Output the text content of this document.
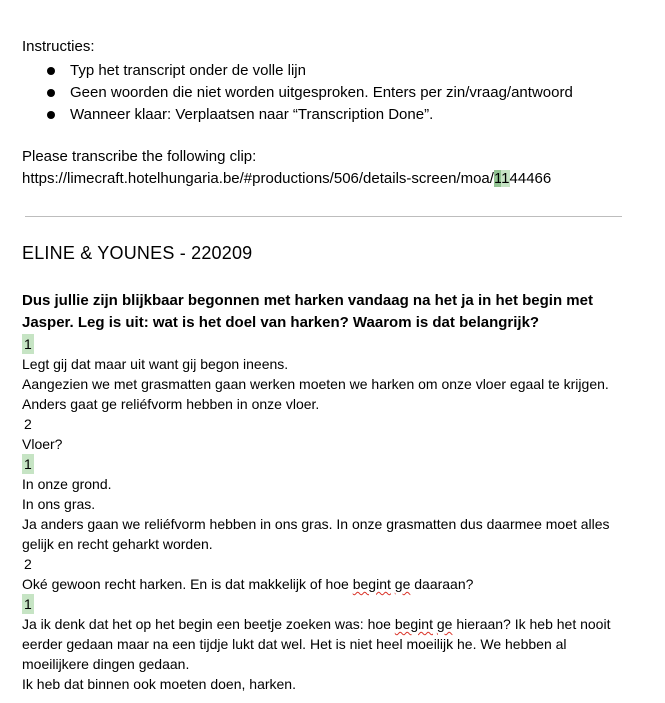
Instructies:

Typ het transcript onder de volle lijn
Geen woorden die niet worden uitgesproken. Enters per zin/vraag/antwoord
Wanneer klaar: Verplaatsen naar “Transcription Done”.
Please transcribe the following clip:
https://limecraft.hotelhungaria.be/#productions/506/details-screen/moa/1144466
ELINE & YOUNES - 220209
Dus jullie zijn blijkbaar begonnen met harken vandaag na het ja in het begin met Jasper. Leg is uit: wat is het doel van harken? Waarom is dat belangrijk?
1
Legt gij dat maar uit want gij begon ineens.
Aangezien we met grasmatten gaan werken moeten we harken om onze vloer egaal te krijgen. Anders gaat ge reliéfvorm hebben in onze vloer.
2
Vloer?
1
In onze grond.
In ons gras.
Ja anders gaan we reliéfvorm hebben in ons gras. In onze grasmatten dus daarmee moet alles gelijk en recht geharkt worden.
2
Oké gewoon recht harken. En is dat makkelijk of hoe begint ge daaraan?
1
Ja ik denk dat het op het begin een beetje zoeken was: hoe begint ge hieraan? Ik heb het nooit eerder gedaan maar na een tijdje lukt dat wel. Het is niet heel moeilijk he. We hebben al moeilijkere dingen gedaan.
Ik heb dat binnen ook moeten doen, harken.
